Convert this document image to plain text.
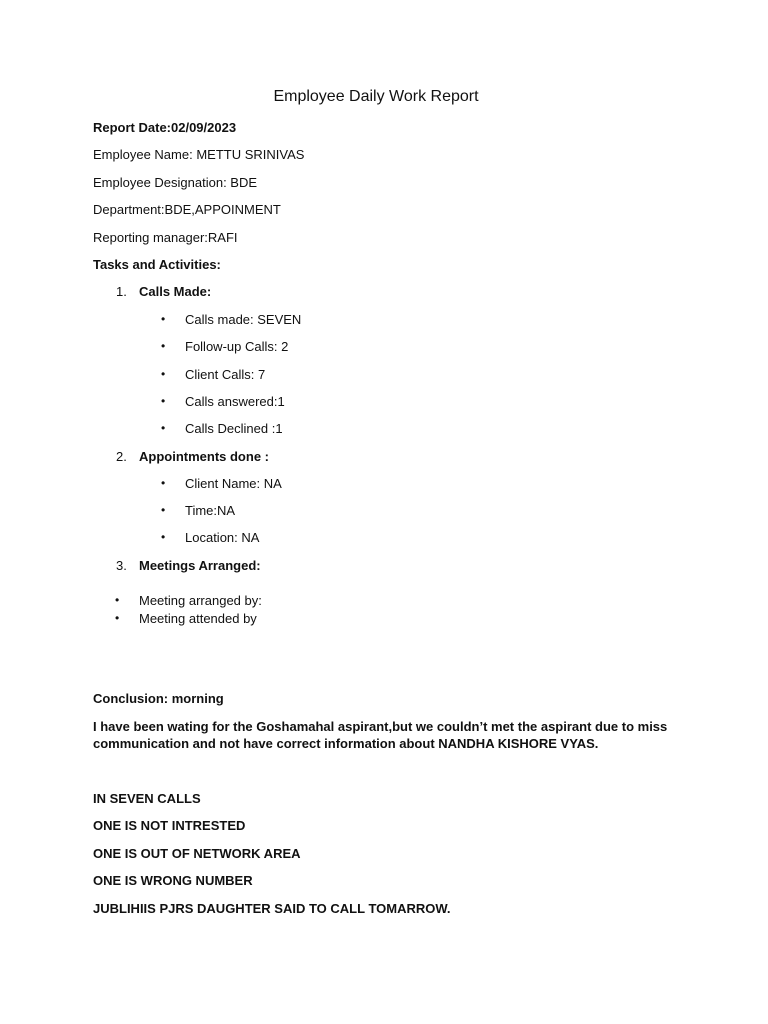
Employee Daily Work Report
Report Date:02/09/2023
Employee Name: METTU SRINIVAS
Employee Designation: BDE
Department:BDE,APPOINMENT
Reporting manager:RAFI
Tasks and Activities:
1. Calls Made:
• Calls made: SEVEN
• Follow-up Calls: 2
• Client Calls: 7
• Calls answered:1
• Calls Declined :1
2. Appointments done :
• Client Name: NA
• Time:NA
• Location: NA
3. Meetings Arranged:
• Meeting arranged by:
• Meeting attended by
Conclusion: morning
I have been wating for the Goshamahal aspirant,but we couldn’t met the aspirant due to miss communication and not have correct information about NANDHA KISHORE VYAS.
IN SEVEN CALLS
ONE IS NOT INTRESTED
ONE IS OUT OF NETWORK AREA
ONE IS WRONG NUMBER
JUBLIHIIS PJRS DAUGHTER SAID TO CALL TOMARROW.
